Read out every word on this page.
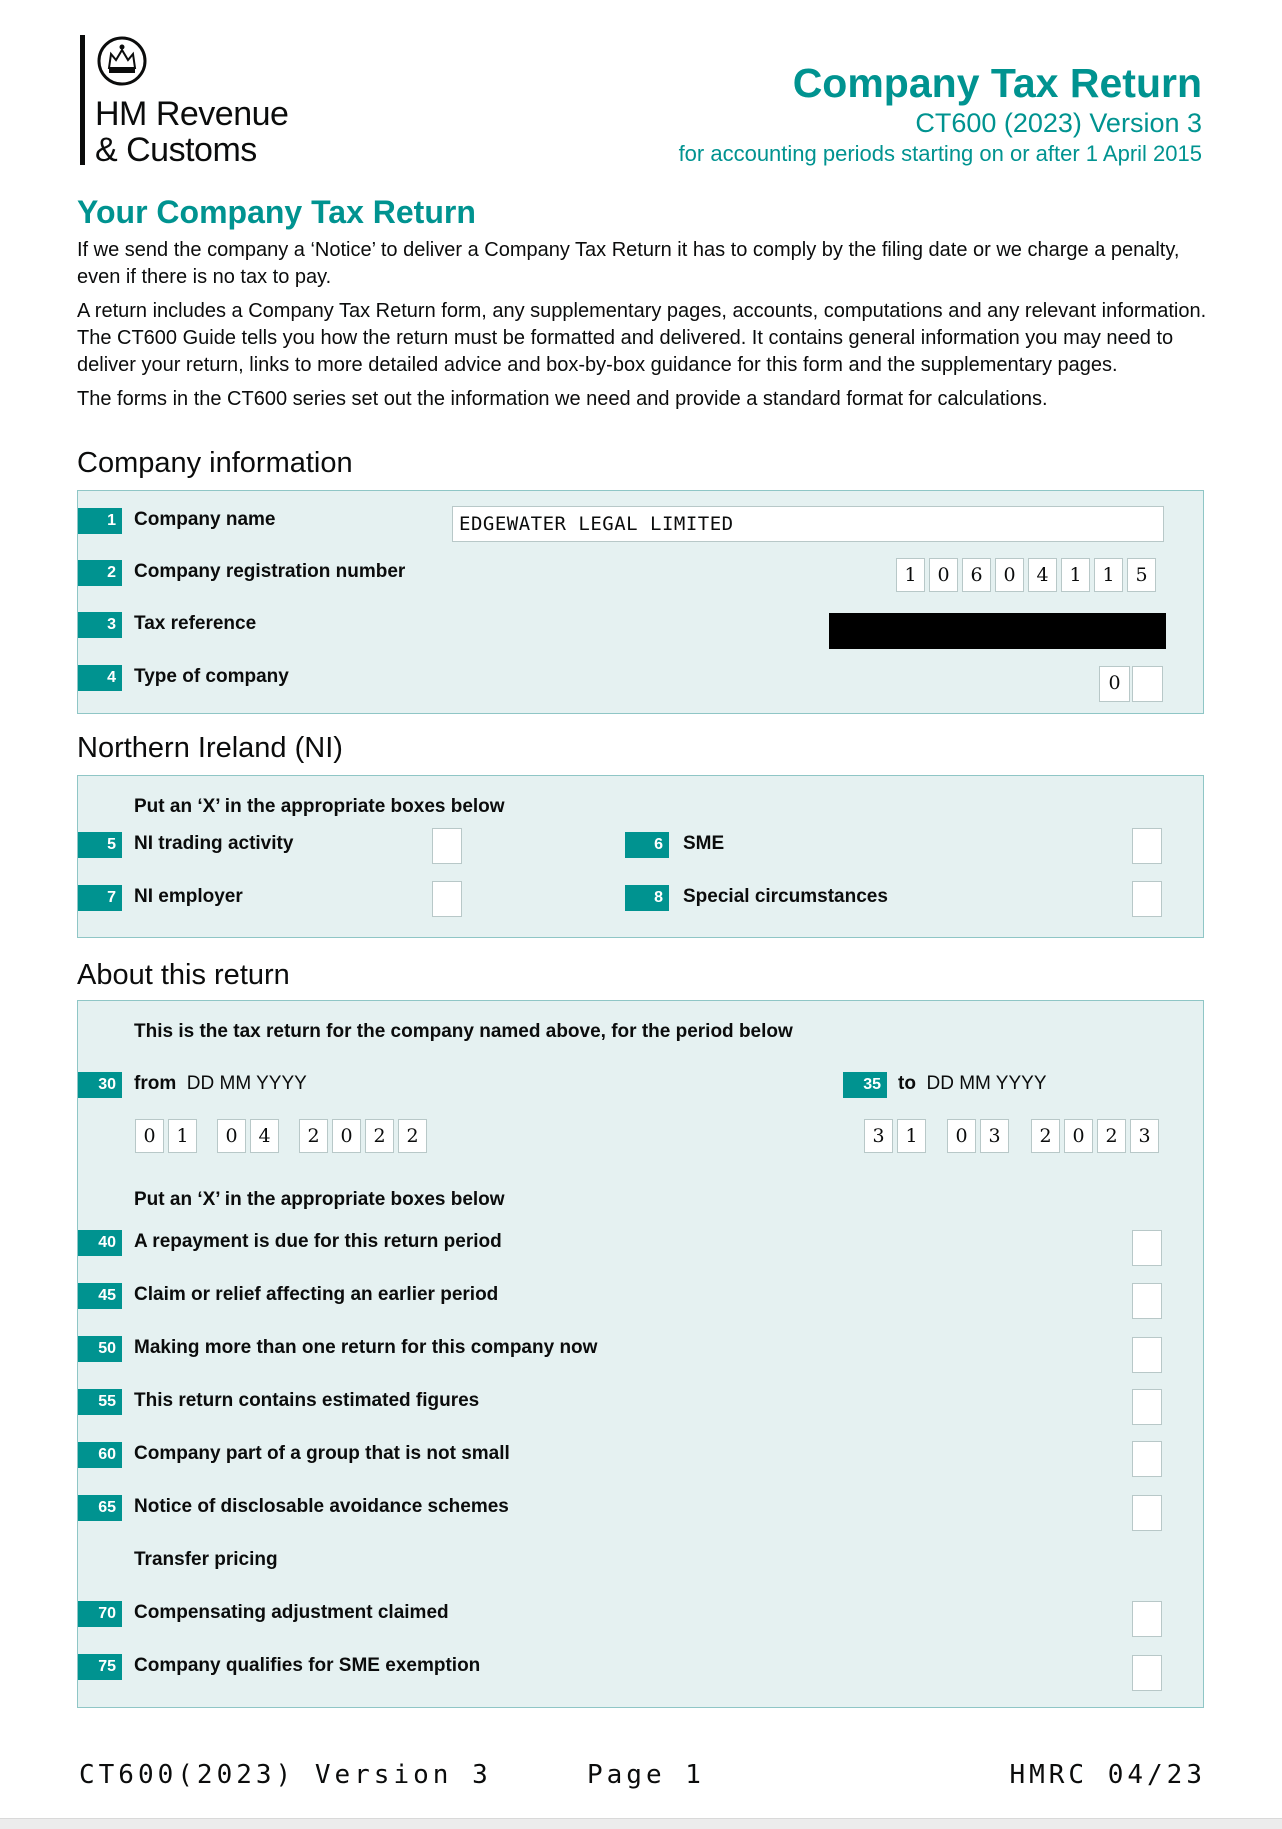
HM Revenue
& Customs
Company Tax Return
CT600 (2023) Version 3
for accounting periods starting on or after 1 April 2015
Your Company Tax Return

If we send the company a ‘Notice’ to deliver a Company Tax Return it has to comply by the filing date or we charge a penalty, even if there is no tax to pay.

A return includes a Company Tax Return form, any supplementary pages, accounts, computations and any relevant information. The CT600 Guide tells you how the return must be formatted and delivered. It contains general information you may need to deliver your return, links to more detailed advice and box-by-box guidance for this form and the supplementary pages.

The forms in the CT600 series set out the information we need and provide a standard format for calculations.

Company information
1 Company name	EDGEWATER LEGAL LIMITED
2 Company registration number	1	0	6	0	4	1	1	5
3 Tax reference
4 Type of company	0
Northern Ireland (NI)
Put an ‘X’ in the appropriate boxes below
5 NI trading activity	6	SME
7 NI employer	8	Special circumstances
About this return
This is the tax return for the company named above, for the period below
30 from DD MM YYYY
0	1	0	4	2	0	2	2
35 to DD MM YYYY
3	1	0	3	2	0	2	3
Put an ‘X’ in the appropriate boxes below
40 A repayment is due for this return period
45 Claim or relief affecting an earlier period
50 Making more than one return for this company now
55 This return contains estimated figures
60 Company part of a group that is not small
65 Notice of disclosable avoidance schemes
Transfer pricing
70 Compensating adjustment claimed
75 Company qualifies for SME exemption
CT600(2023) Version 3	Page 1	HMRC 04/23
